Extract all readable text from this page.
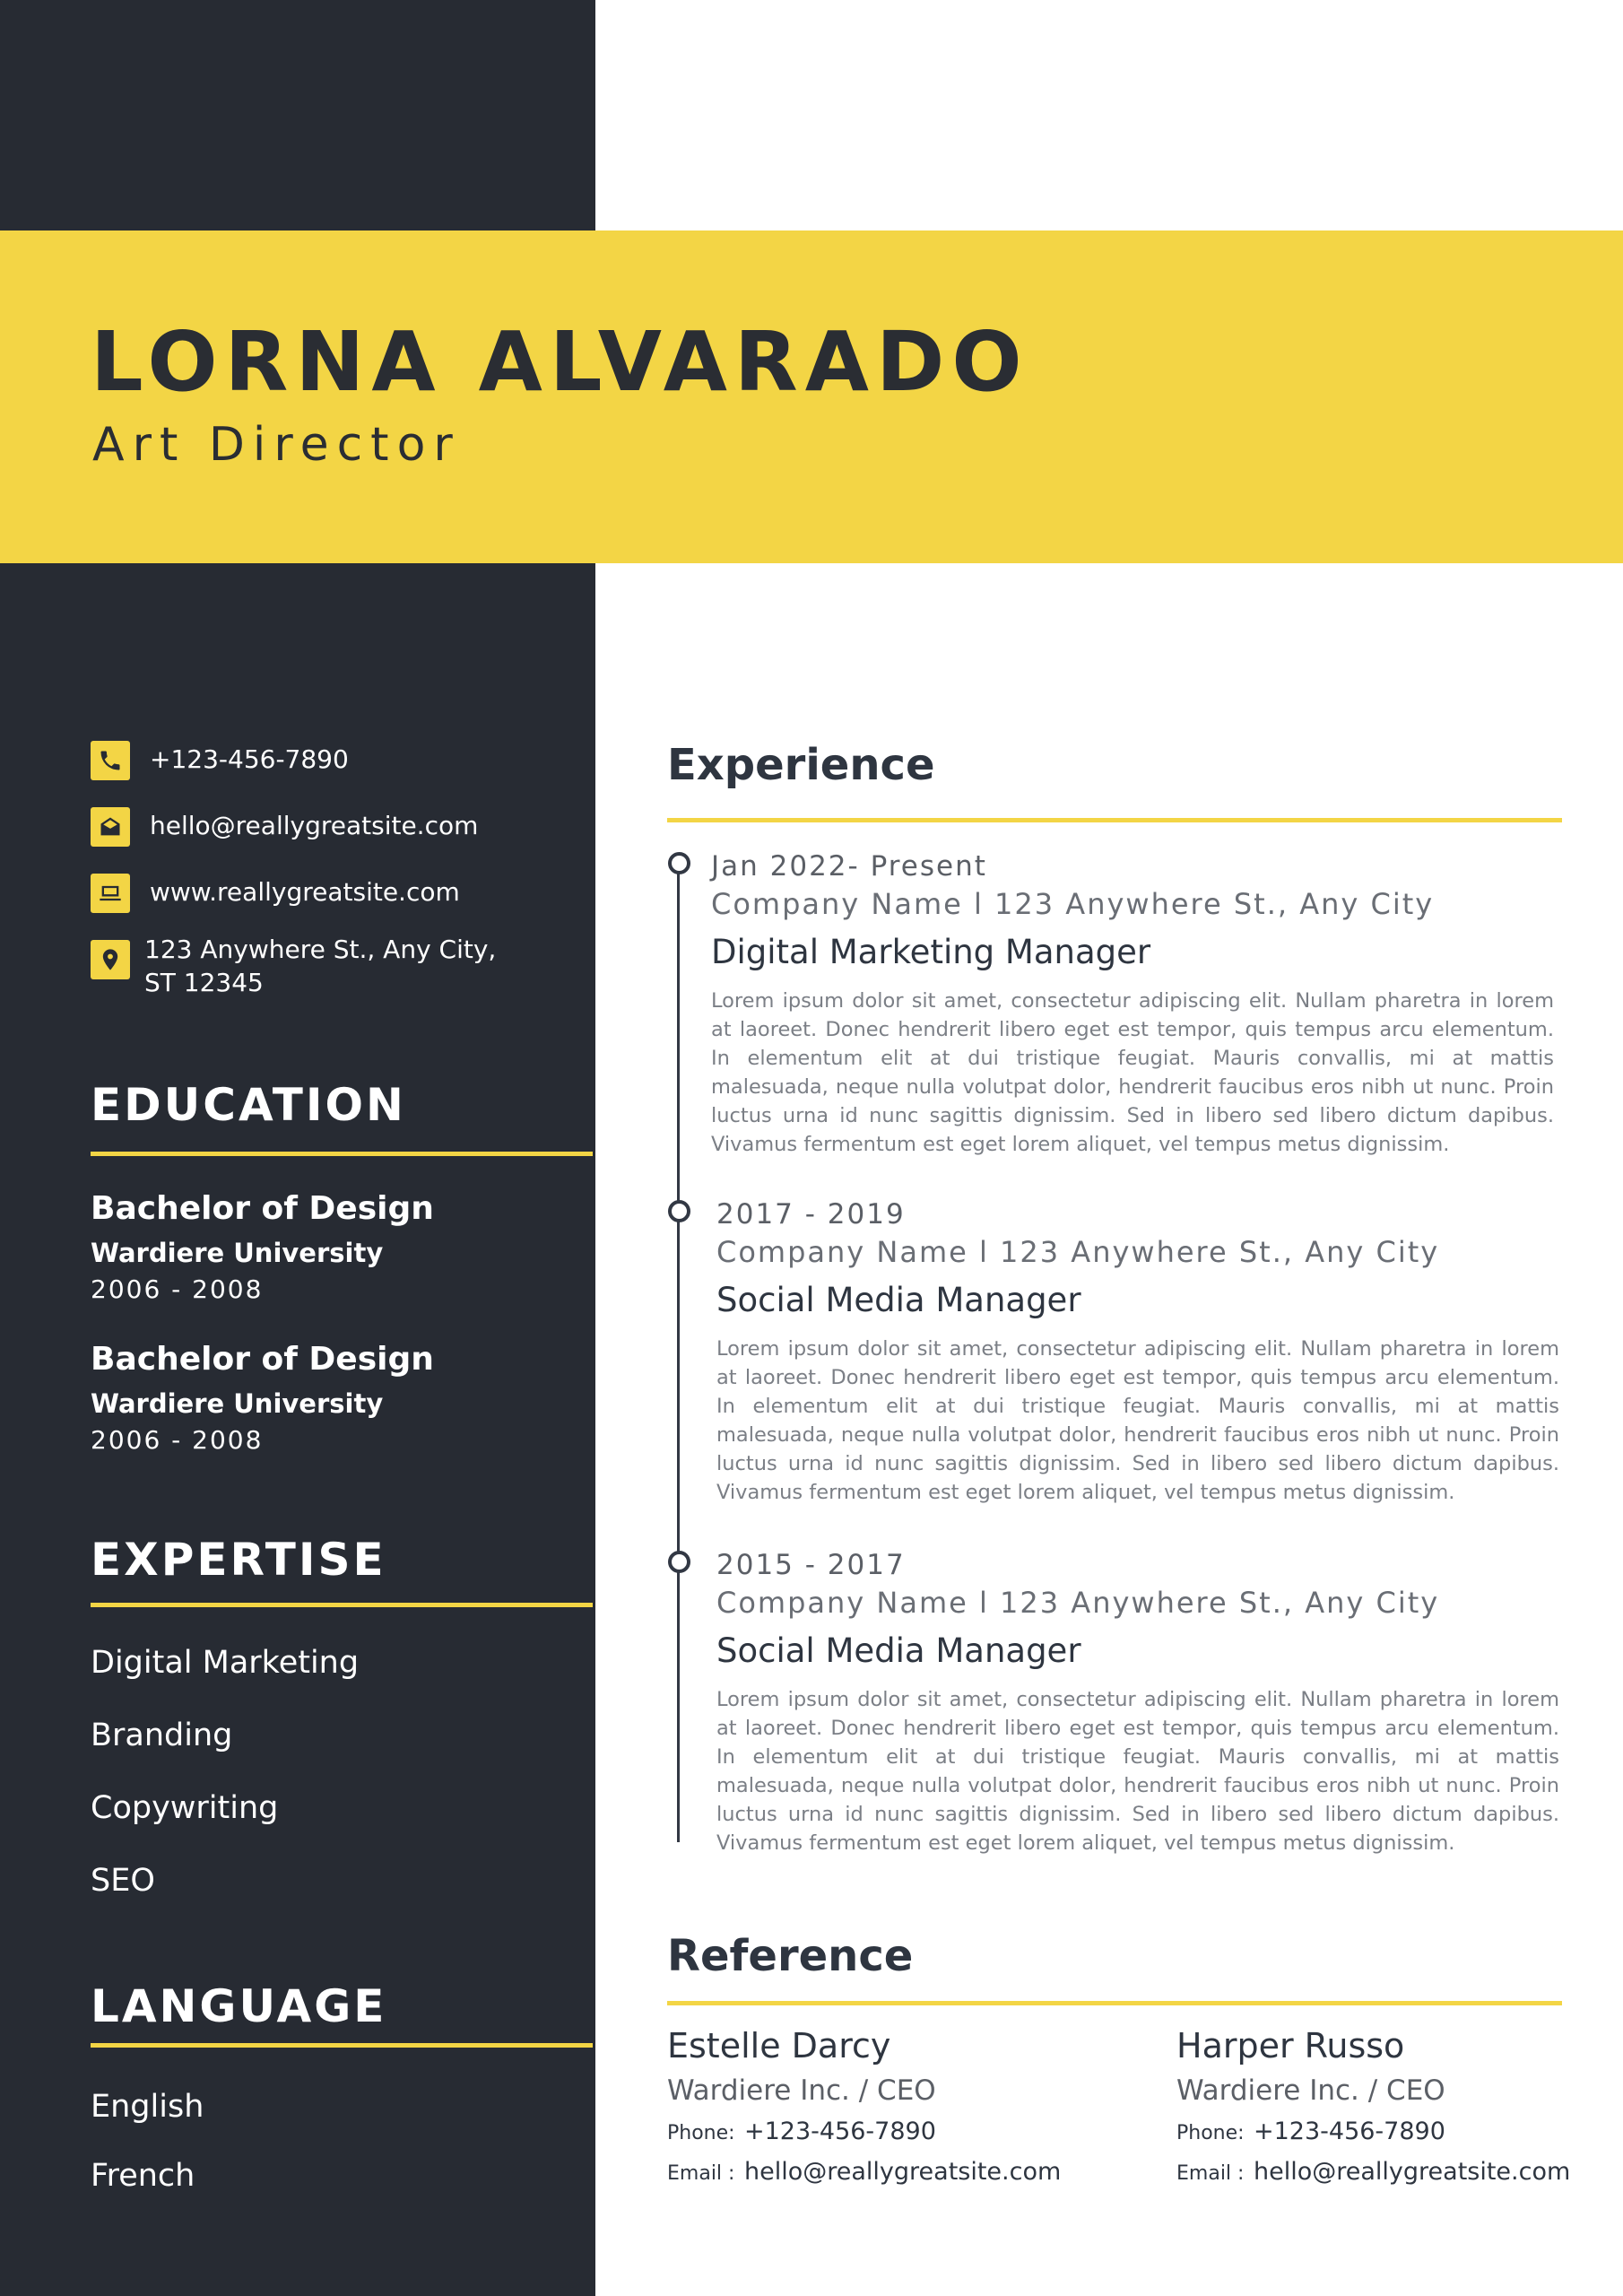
LORNA ALVARADO
Art Director
+123-456-7890
hello@reallygreatsite.com
www.reallygreatsite.com
123 Anywhere St., Any City,
ST 12345
EDUCATION
Bachelor of Design
Wardiere University
2006 - 2008
Bachelor of Design
Wardiere University
2006 - 2008
EXPERTISE
Digital Marketing
Branding
Copywriting
SEO
LANGUAGE
English
French
Experience
Jan 2022- Present
Company Name l 123 Anywhere St., Any City
Digital Marketing Manager
Lorem ipsum dolor sit amet, consectetur adipiscing elit. Nullam pharetra in lorem at laoreet. Donec hendrerit libero eget est tempor, quis tempus arcu elementum. In elementum elit at dui tristique feugiat. Mauris convallis, mi at mattis malesuada, neque nulla volutpat dolor, hendrerit faucibus eros nibh ut nunc. Proin luctus urna id nunc sagittis dignissim. Sed in libero sed libero dictum dapibus. Vivamus fermentum est eget lorem aliquet, vel tempus metus dignissim.
2017 - 2019
Company Name l 123 Anywhere St., Any City
Social Media Manager
Lorem ipsum dolor sit amet, consectetur adipiscing elit. Nullam pharetra in lorem at laoreet. Donec hendrerit libero eget est tempor, quis tempus arcu elementum. In elementum elit at dui tristique feugiat. Mauris convallis, mi at mattis malesuada, neque nulla volutpat dolor, hendrerit faucibus eros nibh ut nunc. Proin luctus urna id nunc sagittis dignissim. Sed in libero sed libero dictum dapibus. Vivamus fermentum est eget lorem aliquet, vel tempus metus dignissim.
2015 - 2017
Company Name l 123 Anywhere St., Any City
Social Media Manager
Lorem ipsum dolor sit amet, consectetur adipiscing elit. Nullam pharetra in lorem at laoreet. Donec hendrerit libero eget est tempor, quis tempus arcu elementum. In elementum elit at dui tristique feugiat. Mauris convallis, mi at mattis malesuada, neque nulla volutpat dolor, hendrerit faucibus eros nibh ut nunc. Proin luctus urna id nunc sagittis dignissim. Sed in libero sed libero dictum dapibus. Vivamus fermentum est eget lorem aliquet, vel tempus metus dignissim.
Reference
Estelle Darcy
Wardiere Inc. / CEO
Phone: +123-456-7890
Email : hello@reallygreatsite.com
Harper Russo
Wardiere Inc. / CEO
Phone: +123-456-7890
Email : hello@reallygreatsite.com
